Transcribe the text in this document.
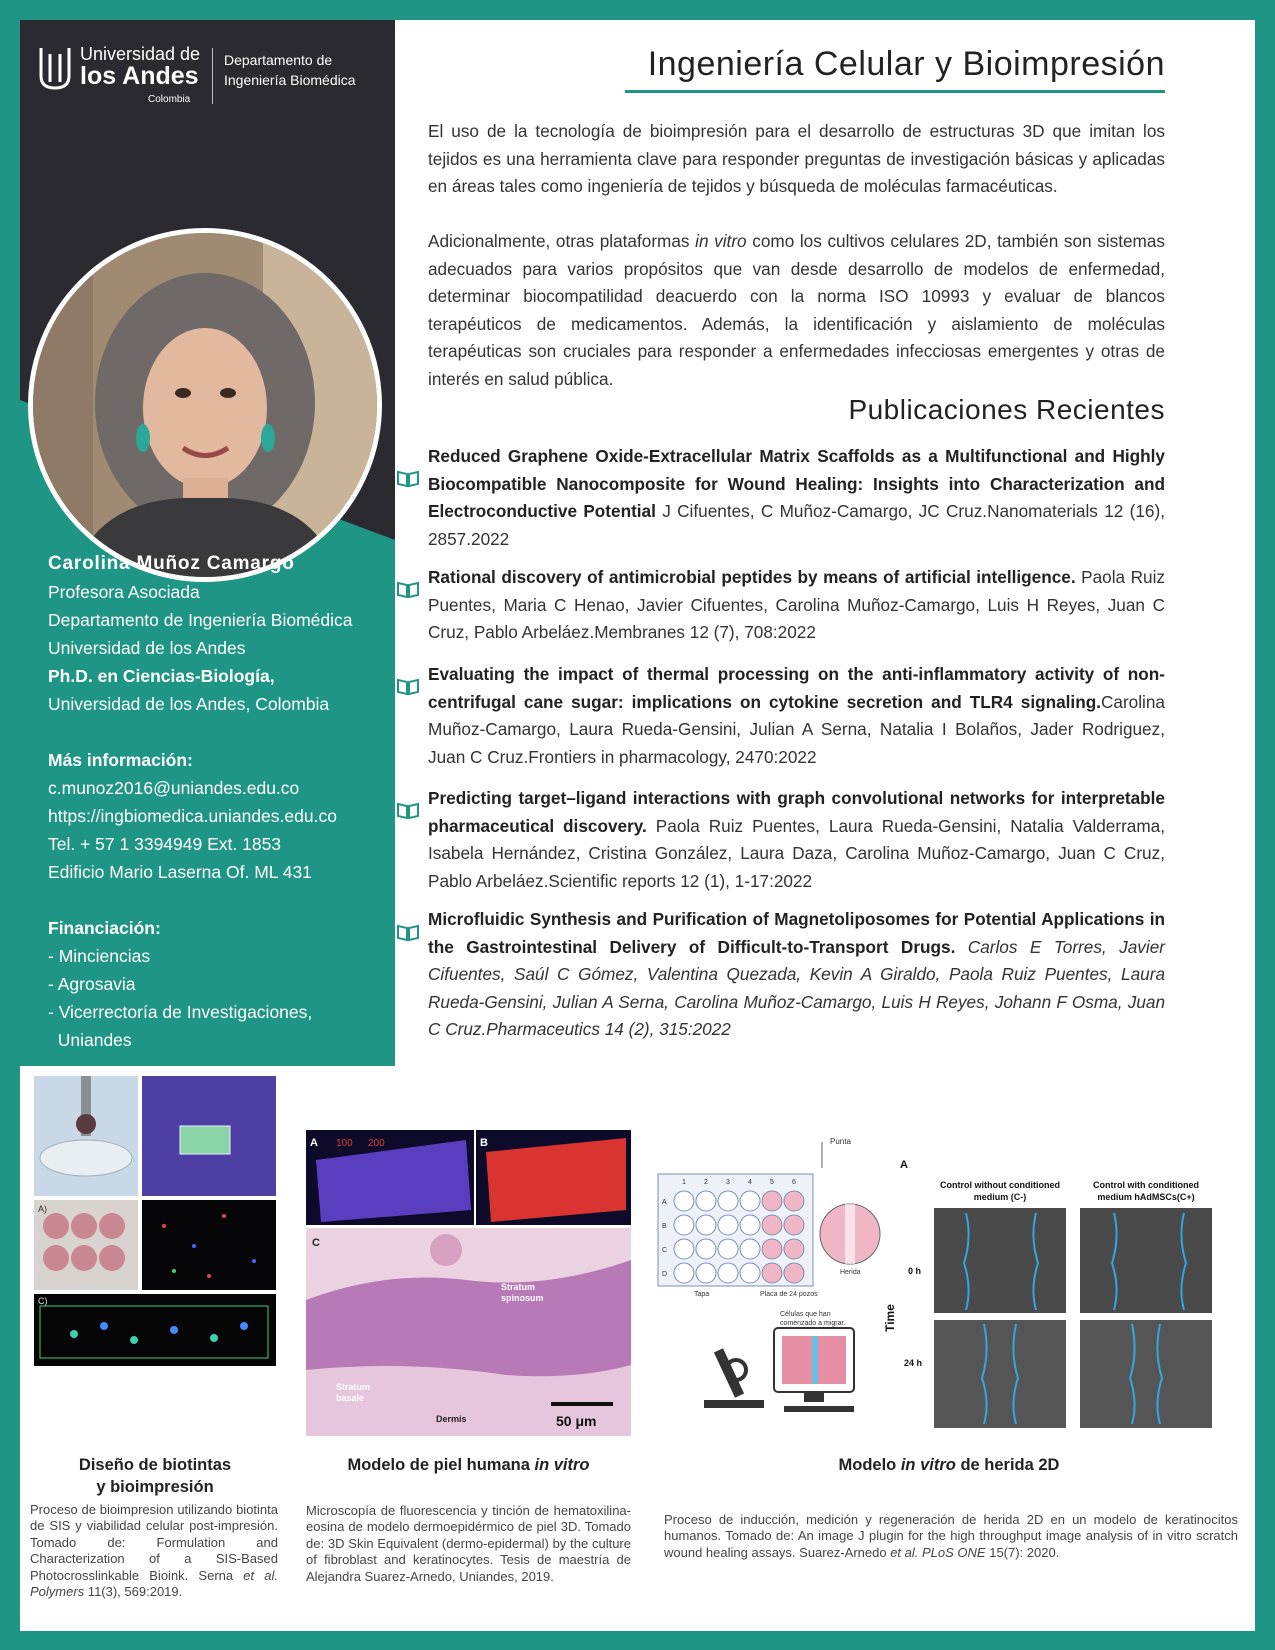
Universidad de
los Andes
Colombia
Departamento de
Ingeniería Biomédica
Carolina Muñoz Camargo
Profesora Asociada
Departamento de Ingeniería Biomédica
Universidad de los Andes
Ph.D. en Ciencias-Biología,
Universidad de los Andes, Colombia
Más información:
c.munoz2016@uniandes.edu.co
https://ingbiomedica.uniandes.edu.co
Tel. + 57 1 3394949 Ext. 1853
Edificio Mario Laserna Of. ML 431
Financiación:
- Minciencias
- Agrosavia
- Vicerrectoría de Investigaciones,
Uniandes
Ingeniería Celular y Bioimpresión
El uso de la tecnología de bioimpresión para el desarrollo de estructuras 3D que imitan los tejidos es una herramienta clave para responder preguntas de investigación básicas y aplicadas en áreas tales como ingeniería de tejidos y búsqueda de moléculas farmacéuticas.
Adicionalmente, otras plataformas in vitro como los cultivos celulares 2D, también son sistemas adecuados para varios propósitos que van desde desarrollo de modelos de enfermedad, determinar biocompatilidad deacuerdo con la norma ISO 10993 y evaluar de blancos terapéuticos de medicamentos. Además, la identificación y aislamiento de moléculas terapéuticas son cruciales para responder a enfermedades infecciosas emergentes y otras de interés en salud pública.
Publicaciones Recientes
Reduced Graphene Oxide-Extracellular Matrix Scaffolds as a Multifunctional and Highly Biocompatible Nanocomposite for Wound Healing: Insights into Characterization and Electroconductive Potential J Cifuentes, C Muñoz-Camargo, JC Cruz.Nanomaterials 12 (16), 2857.2022
Rational discovery of antimicrobial peptides by means of artificial intelligence. Paola Ruiz Puentes, Maria C Henao, Javier Cifuentes, Carolina Muñoz-Camargo, Luis H Reyes, Juan C Cruz, Pablo Arbeláez.Membranes 12 (7), 708:2022
Evaluating the impact of thermal processing on the anti-inflammatory activity of non-centrifugal cane sugar: implications on cytokine secretion and TLR4 signaling.Carolina Muñoz-Camargo, Laura Rueda-Gensini, Julian A Serna, Natalia I Bolaños, Jader Rodriguez, Juan C Cruz.Frontiers in pharmacology, 2470:2022
Predicting target–ligand interactions with graph convolutional networks for interpretable pharmaceutical discovery. Paola Ruiz Puentes, Laura Rueda-Gensini, Natalia Valderrama, Isabela Hernández, Cristina González, Laura Daza, Carolina Muñoz-Camargo, Juan C Cruz, Pablo Arbeláez.Scientific reports 12 (1), 1-17:2022
Microfluidic Synthesis and Purification of Magnetoliposomes for Potential Applications in the Gastrointestinal Delivery of Difficult-to-Transport Drugs. Carlos E Torres, Javier Cifuentes, Saúl C Gómez, Valentina Quezada, Kevin A Giraldo, Paola Ruiz Puentes, Laura Rueda-Gensini, Julian A Serna, Carolina Muñoz-Camargo, Luis H Reyes, Johann F Osma, Juan C Cruz.Pharmaceutics 14 (2), 315:2022
A)
C)
Diseño de biotintas
y bioimpresión
Proceso de bioimpresion utilizando biotinta de SIS y viabilidad celular post-impresión. Tomado de: Formulation and Characterization of a SIS-Based Photocrosslinkable Bioink. Serna et al. Polymers 11(3), 569:2019.
A 100 200	B
C
Stratum
spinosum
Stratum
basale
Dermis	50 μm
Modelo de piel humana in vitro
Microscopía de fluorescencia y tinción de hematoxilina-eosina de modelo dermoepidérmico de piel 3D. Tomado de: 3D Skin Equivalent (dermo-epidermal) by the culture of fibroblast and keratinocytes. Tesis de maestría de Alejandra Suarez-Arnedo, Uniandes, 2019.
1	2	3	4	5	6
A
B
C
D
Punta
Herida
Tapa	Placa de 24 pozos
Células que han
comenzado a migrar.
A
Control without conditioned
medium (C-)
Control with conditioned
medium hAdMSCs(C+)
Time
0 h
24 h
Modelo in vitro de herida 2D
Proceso de inducción, medición y regeneración de herida 2D en un modelo de keratinocitos humanos. Tomado de: An image J plugin for the high throughput image analysis of in vitro scratch wound healing assays. Suarez-Arnedo et al. PLoS ONE 15(7): 2020.
